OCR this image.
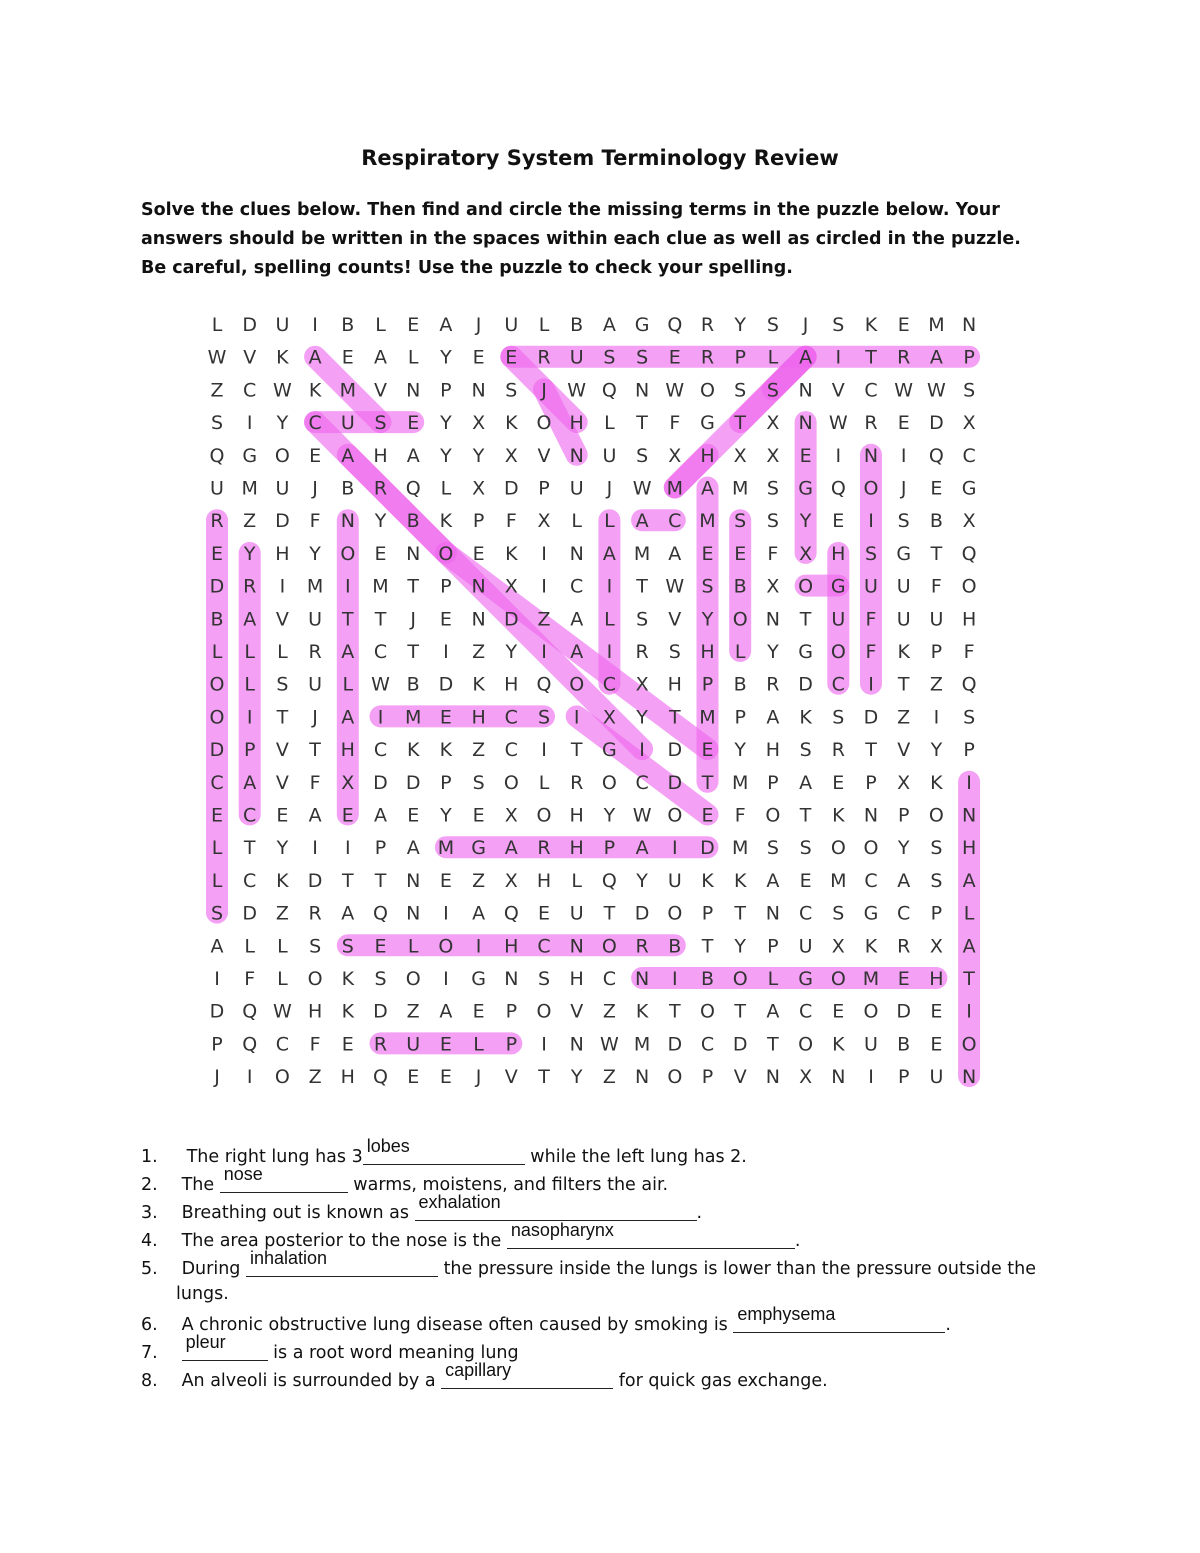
Respiratory System Terminology Review
Solve the clues below. Then find and circle the missing terms in the puzzle below. Your
answers should be written in the spaces within each clue as well as circled in the puzzle.
Be careful, spelling counts! Use the puzzle to check your spelling.
L D U I B L E A J U L B A G Q R Y S J S K E M N
W V K A E A L Y E E R U S S E R P L A I T R A P
Z C W K M V N P N S J W Q N W O S S N V C W W S
S I Y C U S E Y X K O H L T F G T X N W R E D X
Q G O E A H A Y Y X V N U S X H X X E I N I Q C
U M U J B R Q L X D P U J W M A M S G Q O J E G
R Z D F N Y B K P F X L L A C M S S Y E I S B X
E Y H Y O E N O E K I N A M A E E F X H S G T Q
D R I M I M T P N X I C I T W S B X O G U U F O
B A V U T T J E N D Z A L S V Y O N T U F U U H
L L L R A C T I Z Y I A I R S H L Y G O F K P F
O L S U L W B D K H Q O C X H P B R D C I T Z Q
O I T J A I M E H C S I X Y T M P A K S D Z I S
D P V T H C K K Z C I T G I D E Y H S R T V Y P
C A V F X D D P S O L R O C D T M P A E P X K I
E C E A E A E Y E X O H Y W O E F O T K N P O N
L T Y I I P A M G A R H P A I D M S S O O Y S H
L C K D T T N E Z X H L Q Y U K K A E M C A S A
S D Z R A Q N I A Q E U T D O P T N C S G C P L
A L L S S E L O I H C N O R B T Y P U X K R X A
I F L O K S O I G N S H C N I B O L G O M E H T
D Q W H K D Z A E P O V Z K T O T A C E O D E I
P Q C F E R U E L P I N W M D C D T O K U B E O
J I O Z H Q E E J V T Y Z N O P V N X N I P U N
1. The right lung has 3
lobes
while the left lung has 2.
2. The
nose
warms, moistens, and filters the air.
3. Breathing out is known as
exhalation
.
4. The area posterior to the nose is the
nasopharynx
.
5. During
inhalation
the pressure inside the lungs is lower than the pressure outside the
lungs.
6. A chronic obstructive lung disease often caused by smoking is
emphysema
.
7.
pleur
is a root word meaning lung
8. An alveoli is surrounded by a
capillary
for quick gas exchange.
